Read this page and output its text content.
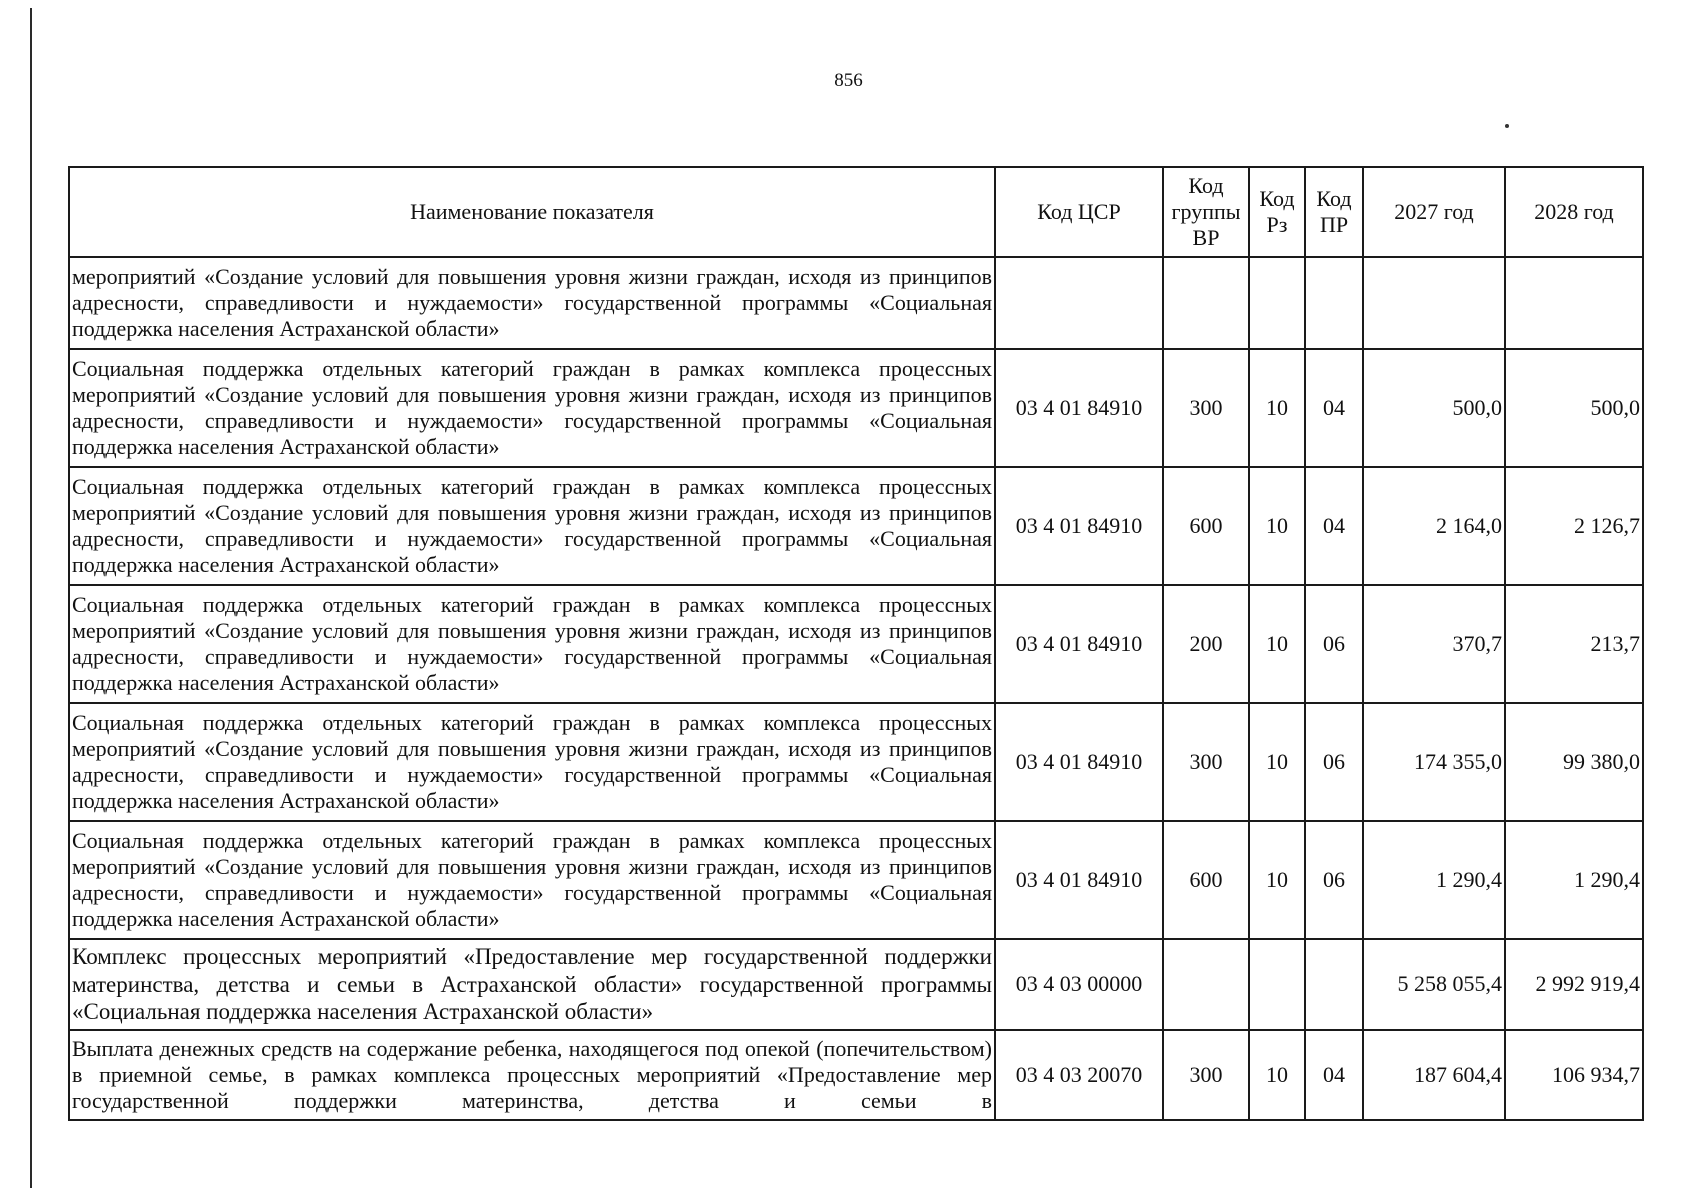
856
Наименование показателя	Код ЦСР	Код группы ВР	Код Рз	Код ПР	2027 год	2028 год
мероприятий «Создание условий для повышения уровня жизни граждан, исходя из принципов адресности, справедливости и нуждаемости» государственной программы «Социальная поддержка населения Астраханской области»						
Социальная поддержка отдельных категорий граждан в рамках комплекса процессных мероприятий «Создание условий для повышения уровня жизни граждан, исходя из принципов адресности, справедливости и нуждаемости» государственной программы «Социальная поддержка населения Астраханской области»	03 4 01 84910	300	10	04	500,0	500,0
Социальная поддержка отдельных категорий граждан в рамках комплекса процессных мероприятий «Создание условий для повышения уровня жизни граждан, исходя из принципов адресности, справедливости и нуждаемости» государственной программы «Социальная поддержка населения Астраханской области»	03 4 01 84910	600	10	04	2 164,0	2 126,7
Социальная поддержка отдельных категорий граждан в рамках комплекса процессных мероприятий «Создание условий для повышения уровня жизни граждан, исходя из принципов адресности, справедливости и нуждаемости» государственной программы «Социальная поддержка населения Астраханской области»	03 4 01 84910	200	10	06	370,7	213,7
Социальная поддержка отдельных категорий граждан в рамках комплекса процессных мероприятий «Создание условий для повышения уровня жизни граждан, исходя из принципов адресности, справедливости и нуждаемости» государственной программы «Социальная поддержка населения Астраханской области»	03 4 01 84910	300	10	06	174 355,0	99 380,0
Социальная поддержка отдельных категорий граждан в рамках комплекса процессных мероприятий «Создание условий для повышения уровня жизни граждан, исходя из принципов адресности, справедливости и нуждаемости» государственной программы «Социальная поддержка населения Астраханской области»	03 4 01 84910	600	10	06	1 290,4	1 290,4
Комплекс процессных мероприятий «Предоставление мер государственной поддержки материнства, детства и семьи в Астраханской области» государственной программы «Социальная поддержка населения Астраханской области»	03 4 03 00000				5 258 055,4	2 992 919,4
Выплата денежных средств на содержание ребенка, находящегося под опекой (попечительством) в приемной семье, в рамках комплекса процессных мероприятий «Предоставление мер государственной поддержки материнства, детства и семьи в	03 4 03 20070	300	10	04	187 604,4	106 934,7
